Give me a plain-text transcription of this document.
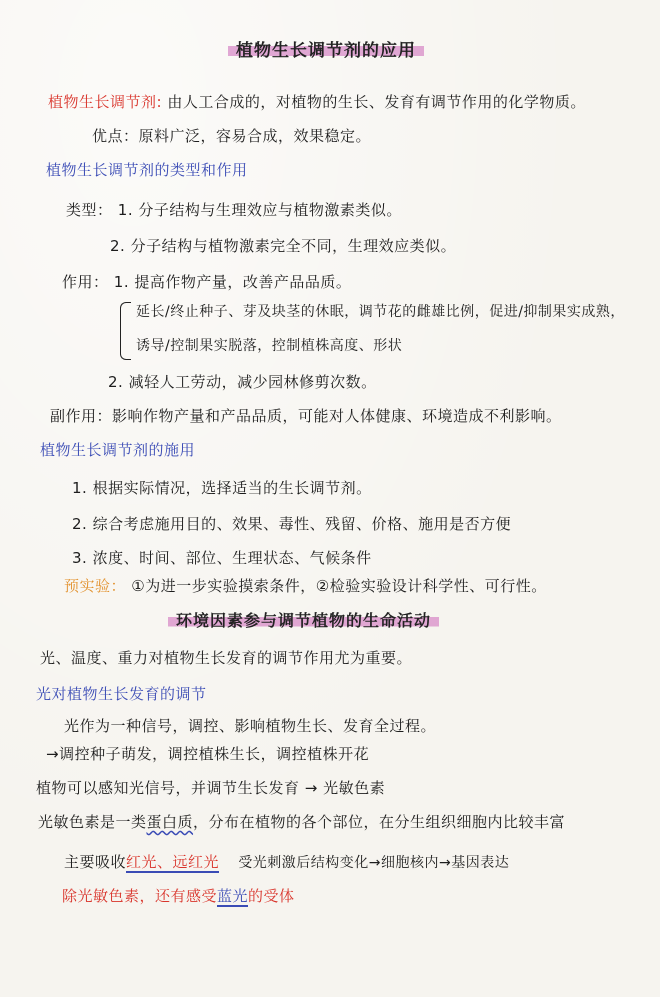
植物生长调节剂的应用
植物生长调节剂: 由人工合成的，对植物的生长、发育有调节作用的化学物质。
优点：原料广泛，容易合成，效果稳定。
植物生长调节剂的类型和作用
类型： 1. 分子结构与生理效应与植物激素类似。
2. 分子结构与植物激素完全不同，生理效应类似。
作用： 1. 提高作物产量，改善产品品质。
延长/终止种子、芽及块茎的休眠，调节花的雌雄比例，促进/抑制果实成熟，
诱导/控制果实脱落，控制植株高度、形状
2. 减轻人工劳动，减少园林修剪次数。
副作用：影响作物产量和产品品质，可能对人体健康、环境造成不利影响。
植物生长调节剂的施用
1. 根据实际情况，选择适当的生长调节剂。
2. 综合考虑施用目的、效果、毒性、残留、价格、施用是否方便
3. 浓度、时间、部位、生理状态、气候条件
预实验： ①为进一步实验摸索条件，②检验实验设计科学性、可行性。
环境因素参与调节植物的生命活动
光、温度、重力对植物生长发育的调节作用尤为重要。
光对植物生长发育的调节
光作为一种信号，调控、影响植物生长、发育全过程。
→调控种子萌发，调控植株生长，调控植株开花
植物可以感知光信号，并调节生长发育 → 光敏色素
光敏色素是一类蛋白质，分布在植物的各个部位，在分生组织细胞内比较丰富
主要吸收红光、远红光 受光刺激后结构变化→细胞核内→基因表达
除光敏色素，还有感受蓝光的受体
